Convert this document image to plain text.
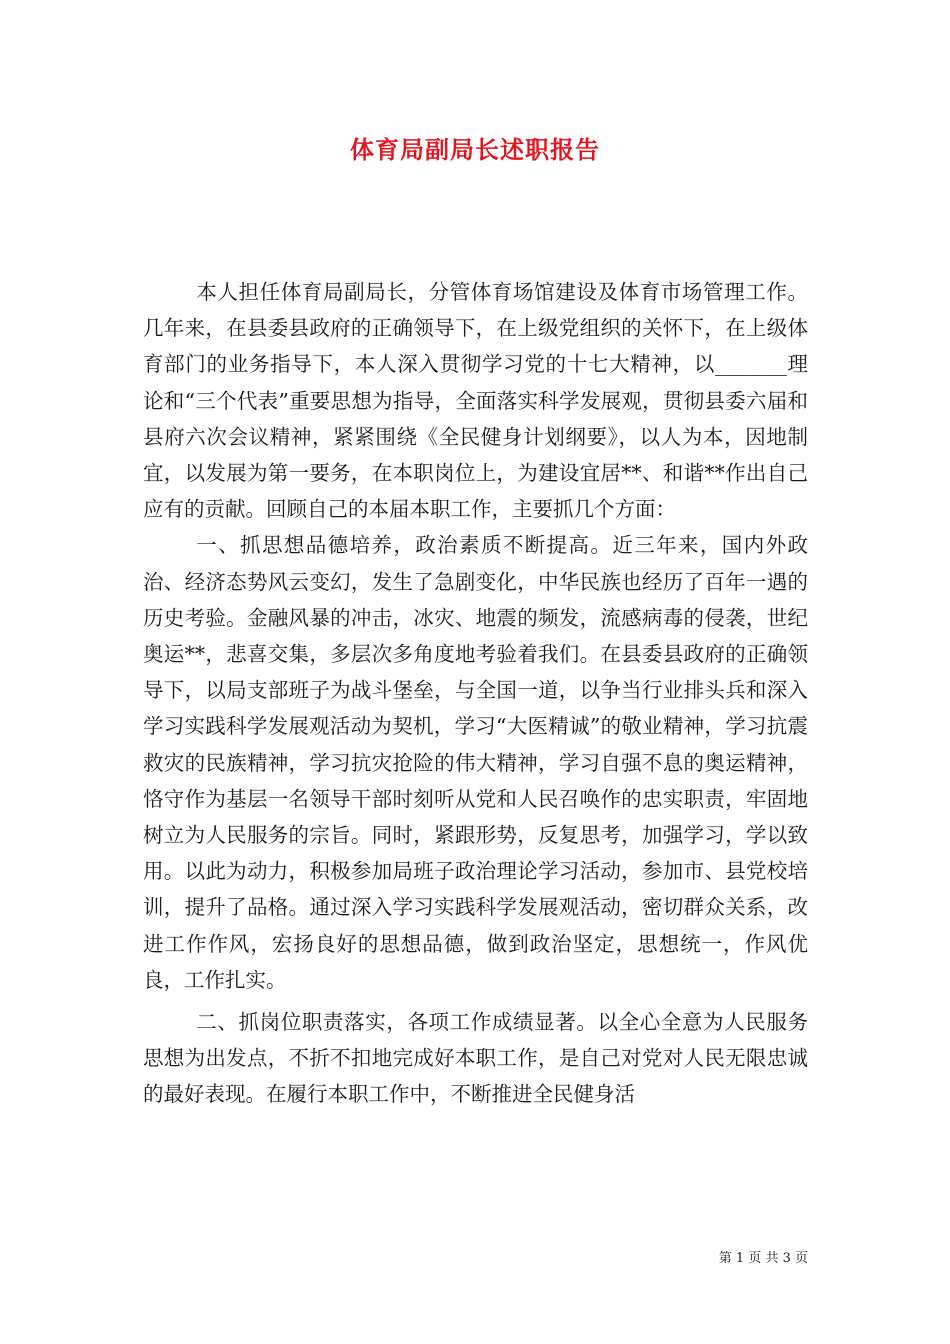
体育局副局长述职报告

本人担任体育局副局长，分管体育场馆建设及体育市场管理工作。几年来，在县委县政府的正确领导下，在上级党组织的关怀下，在上级体育部门的业务指导下，本人深入贯彻学习党的十七大精神，以_______理论和“三个代表”重要思想为指导，全面落实科学发展观，贯彻县委六届和县府六次会议精神，紧紧围绕《全民健身计划纲要》，以人为本，因地制宜，以发展为第一要务，在本职岗位上，为建设宜居**、和谐**作出自己应有的贡献。回顾自己的本届本职工作，主要抓几个方面：

一、抓思想品德培养，政治素质不断提高。近三年来，国内外政治、经济态势风云变幻，发生了急剧变化，中华民族也经历了百年一遇的历史考验。金融风暴的冲击，冰灾、地震的频发，流感病毒的侵袭，世纪奥运**，悲喜交集，多层次多角度地考验着我们。在县委县政府的正确领导下，以局支部班子为战斗堡垒，与全国一道，以争当行业排头兵和深入学习实践科学发展观活动为契机，学习“大医精诚”的敬业精神，学习抗震救灾的民族精神，学习抗灾抢险的伟大精神，学习自强不息的奥运精神，恪守作为基层一名领导干部时刻听从党和人民召唤作的忠实职责，牢固地树立为人民服务的宗旨。同时，紧跟形势，反复思考，加强学习，学以致用。以此为动力，积极参加局班子政治理论学习活动，参加市、县党校培训，提升了品格。通过深入学习实践科学发展观活动，密切群众关系，改进工作作风，宏扬良好的思想品德，做到政治坚定，思想统一，作风优良，工作扎实。

二、抓岗位职责落实，各项工作成绩显著。以全心全意为人民服务思想为出发点，不折不扣地完成好本职工作，是自己对党对人民无限忠诚的最好表现。在履行本职工作中，不断推进全民健身活

第 1 页 共 3 页
